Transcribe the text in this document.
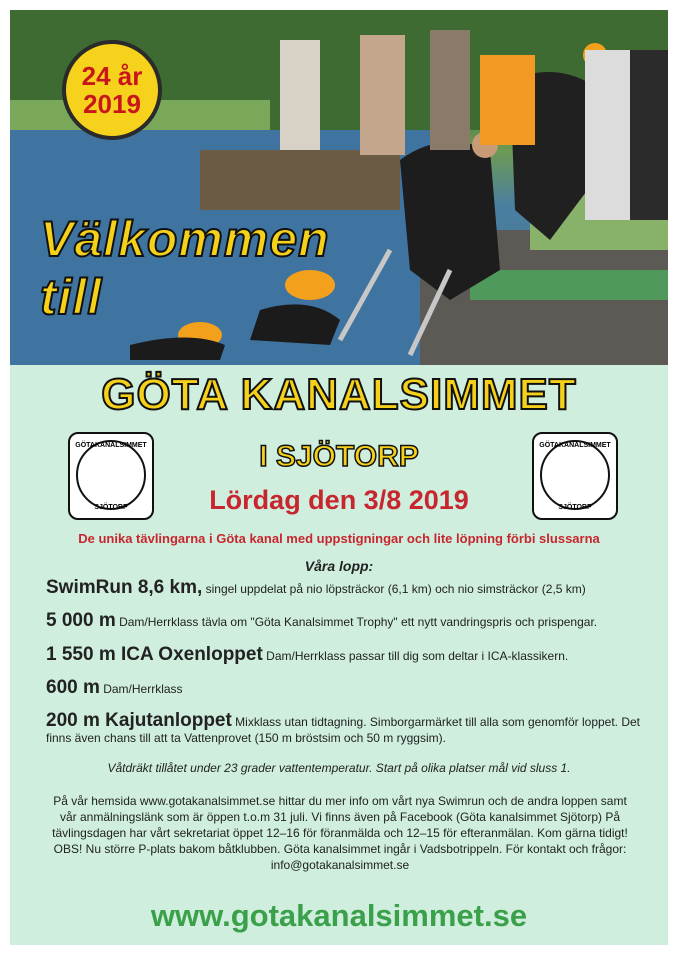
24 år
2019
Välkommen
till
GÖTA KANALSIMMET
I SJÖTORP
Lördag den 3/8 2019
GÖTAKANALSIMMET
SJÖTORP
GÖTAKANALSIMMET
SJÖTORP
De unika tävlingarna i Göta kanal med uppstigningar och lite löpning förbi slussarna
Våra lopp:
SwimRun 8,6 km, singel uppdelat på nio löpsträckor (6,1 km) och nio simsträckor (2,5 km)
5 000 m Dam/Herrklass tävla om "Göta Kanalsimmet Trophy" ett nytt vandringspris och prispengar.
1 550 m ICA Oxenloppet Dam/Herrklass passar till dig som deltar i ICA-klassikern.
600 m Dam/Herrklass
200 m Kajutanloppet Mixklass utan tidtagning. Simborgarmärket till alla som genomför loppet. Det finns även chans till att ta Vattenprovet (150 m bröstsim och 50 m ryggsim).
Våtdräkt tillåtet under 23 grader vattentemperatur. Start på olika platser mål vid sluss 1.
På vår hemsida www.gotakanalsimmet.se hittar du mer info om vårt nya Swimrun och de andra loppen samt vår anmälningslänk som är öppen t.o.m 31 juli. Vi finns även på Facebook (Göta kanalsimmet Sjötorp) På tävlingsdagen har vårt sekretariat öppet 12–16 för föranmälda och 12–15 för efteranmälan. Kom gärna tidigt! OBS! Nu större P-plats bakom båtklubben. Göta kanalsimmet ingår i Vadsbotrippeln. För kontakt och frågor: info@gotakanalsimmet.se
www.gotakanalsimmet.se
